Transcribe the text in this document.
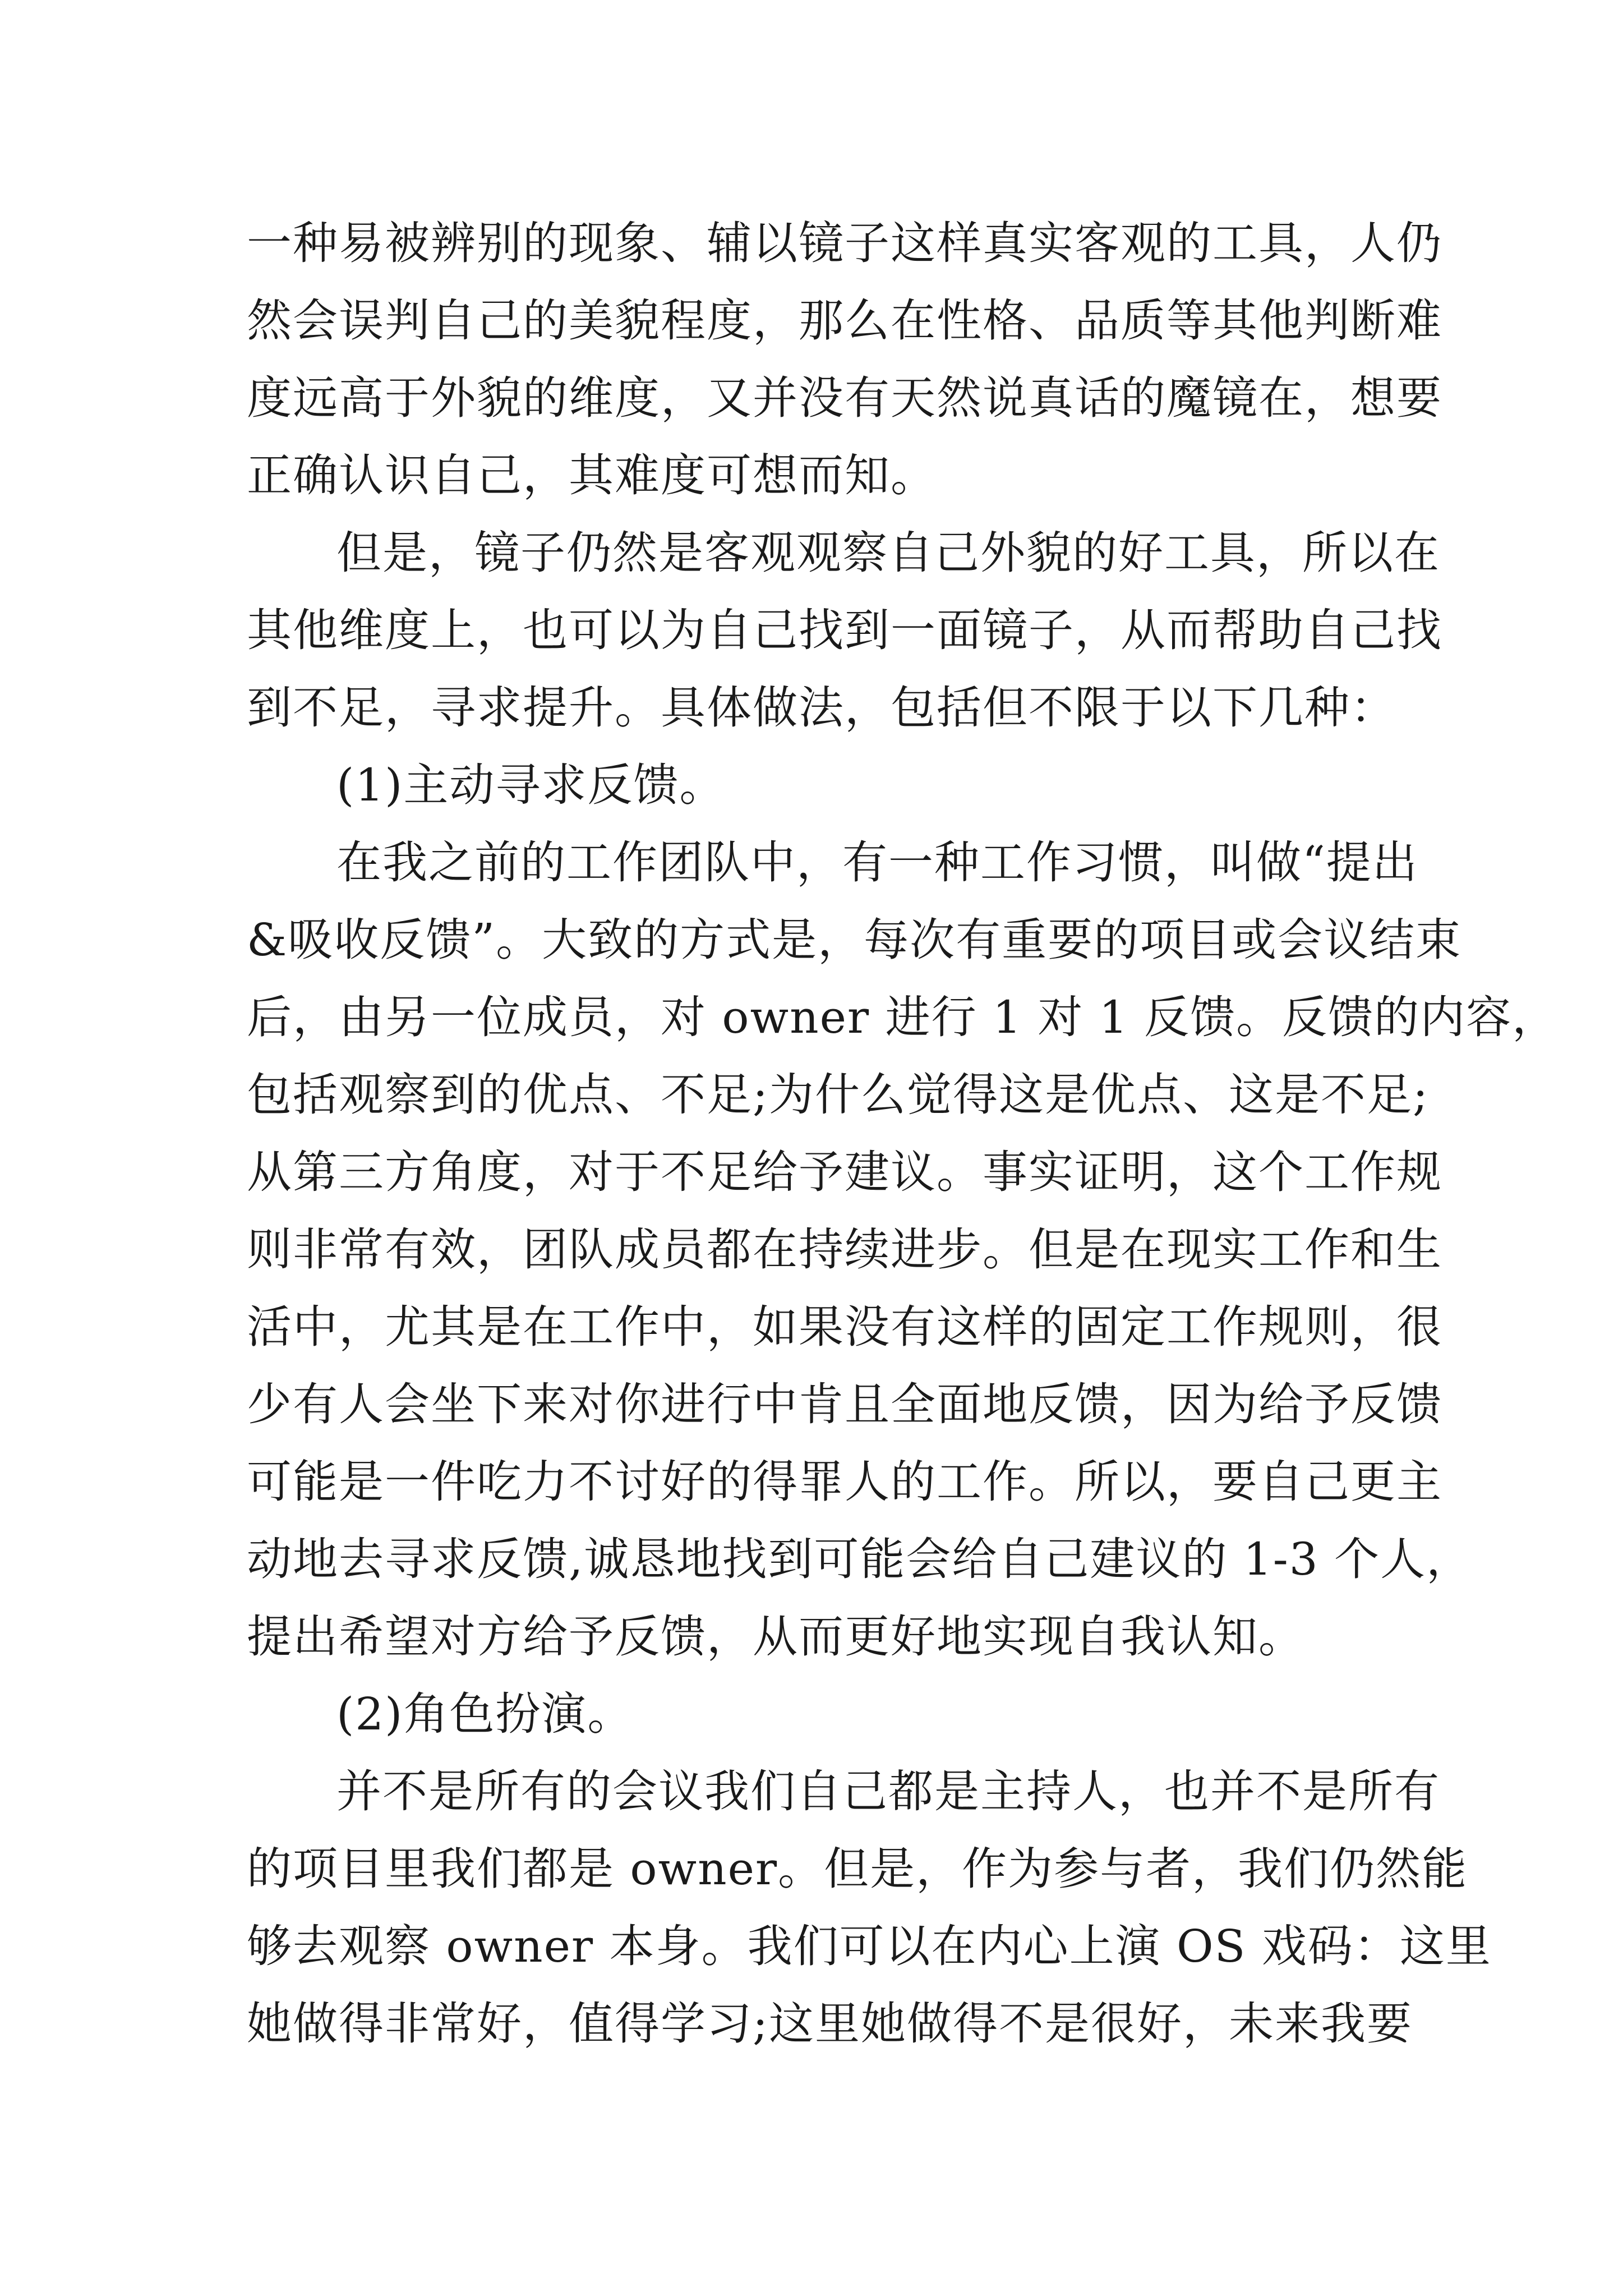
一种易被辨别的现象、辅以镜子这样真实客观的工具，人仍
然会误判自己的美貌程度，那么在性格、品质等其他判断难
度远高于外貌的维度，又并没有天然说真话的魔镜在，想要
正确认识自己，其难度可想而知。
但是，镜子仍然是客观观察自己外貌的好工具，所以在
其他维度上，也可以为自己找到一面镜子，从而帮助自己找
到不足，寻求提升。具体做法，包括但不限于以下几种：
(1)主动寻求反馈。
在我之前的工作团队中，有一种工作习惯，叫做“提出
&吸收反馈”。大致的方式是，每次有重要的项目或会议结束
后，由另一位成员，对 owner 进行 1 对 1 反馈。反馈的内容，
包括观察到的优点、不足;为什么觉得这是优点、这是不足;
从第三方角度，对于不足给予建议。事实证明，这个工作规
则非常有效，团队成员都在持续进步。但是在现实工作和生
活中，尤其是在工作中，如果没有这样的固定工作规则，很
少有人会坐下来对你进行中肯且全面地反馈，因为给予反馈
可能是一件吃力不讨好的得罪人的工作。所以，要自己更主
动地去寻求反馈,诚恳地找到可能会给自己建议的 1-3 个人，
提出希望对方给予反馈，从而更好地实现自我认知。
(2)角色扮演。
并不是所有的会议我们自己都是主持人，也并不是所有
的项目里我们都是 owner。但是，作为参与者，我们仍然能
够去观察 owner 本身。我们可以在内心上演 OS 戏码：这里
她做得非常好，值得学习;这里她做得不是很好，未来我要
